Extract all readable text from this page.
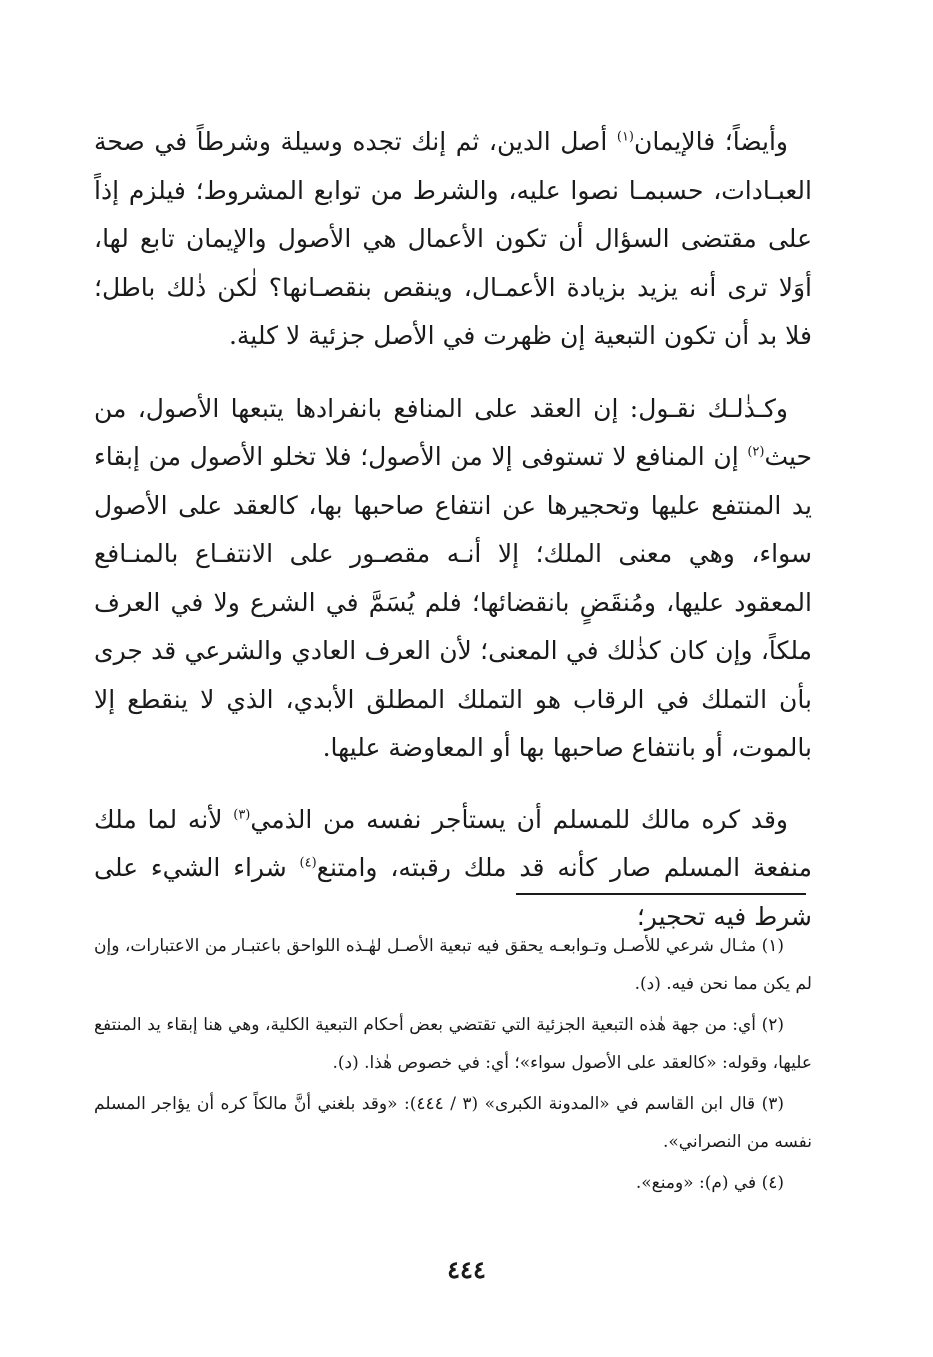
وأيضاً؛ فالإيمان$^{(١)}$ أصل الدين، ثم إنك تجده وسيلة وشرطاً في صحة العبـادات، حسبمـا نصوا عليه، والشرط من توابع المشروط؛ فيلزم إذاً على مقتضى السؤال أن تكون الأعمال هي الأصول والإيمان تابع لها، أوَلا ترى أنه يزيد بزيادة الأعمـال، وينقص بنقصـانها؟ لٰكن ذٰلك باطل؛ فلا بد أن تكون التبعية إن ظهرت في الأصل جزئية لا كلية.

وكـذٰلـك نقـول: إن العقد على المنافع بانفرادها يتبعها الأصول، من حيث$^{(٢)}$ إن المنافع لا تستوفى إلا من الأصول؛ فلا تخلو الأصول من إبقاء يد المنتفع عليها وتحجيرها عن انتفاع صاحبها بها، كالعقد على الأصول سواء، وهي معنى الملك؛ إلا أنـه مقصـور على الانتفـاع بالمنـافع المعقود عليها، ومُنقَضٍ بانقضائها؛ فلم يُسَمَّ في الشرع ولا في العرف ملكاً، وإن كان كذٰلك في المعنى؛ لأن العرف العادي والشرعي قد جرى بأن التملك في الرقاب هو التملك المطلق الأبدي، الذي لا ينقطع إلا بالموت، أو بانتفاع صاحبها بها أو المعاوضة عليها.

وقد كره مالك للمسلم أن يستأجر نفسه من الذمي$^{(٣)}$ لأنه لما ملك منفعة المسلم صار كأنه قد ملك رقبته، وامتنع$^{(٤)}$ شراء الشيء على شرط فيه تحجير؛

(١) مثـال شرعي للأصـل وتـوابعـه يحقق فيه تبعية الأصـل لهٰـذه اللواحق باعتبـار من الاعتبارات، وإن لم يكن مما نحن فيه. (د).

(٢) أي: من جهة هٰذه التبعية الجزئية التي تقتضي بعض أحكام التبعية الكلية، وهي هنا إبقاء يد المنتفع عليها، وقوله: «كالعقد على الأصول سواء»؛ أي: في خصوص هٰذا. (د).

(٣) قال ابن القاسم في «المدونة الكبرى» (٣ / ٤٤٤): «وقد بلغني أنَّ مالكاً كره أن يؤاجر المسلم نفسه من النصراني».

(٤) في (م): «ومنع».

٤٤٤
